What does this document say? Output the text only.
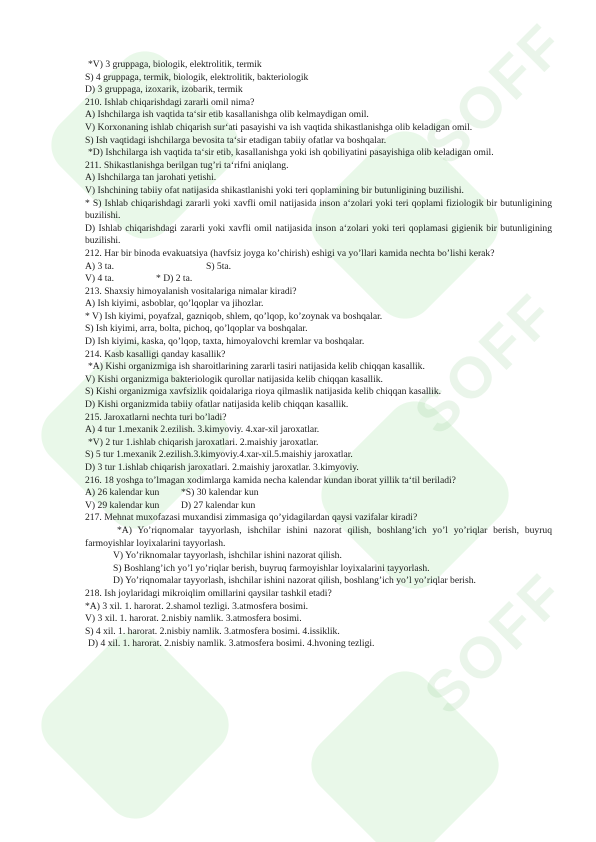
SOFF
SOFF
SOFF
*V) 3 gruppaga, biologik, elektrolitik, termik
S) 4 gruppaga, termik, biologik, elektrolitik, bakteriologik
D) 3 gruppaga, izoxarik, izobarik, termik
210. Ishlab chiqarishdagi zararli omil nima?
A) Ishchilarga ish vaqtida ta‘sir etib kasallanishga olib kelmaydigan omil.
V) Korxonaning ishlab chiqarish sur‘ati pasayishi va ish vaqtida shikastlanishga olib keladigan omil.
S) Ish vaqtidagi ishchilarga bevosita ta‘sir etadigan tabiiy ofatlar va boshqalar.
*D) Ishchilarga ish vaqtida ta‘sir etib, kasallanishga yoki ish qobiliyatini pasayishiga olib keladigan omil.
211. Shikastlanishga berilgan tug’ri ta‘rifni aniqlang.
A) Ishchilarga tan jarohati yetishi.
V) Ishchining tabiiy ofat natijasida shikastlanishi yoki teri qoplamining bir butunligining buzilishi.
* S) Ishlab chiqarishdagi zararli yoki xavfli omil natijasida inson a‘zolari yoki teri qoplami fiziologik bir butunligining buzilishi.
D) Ishlab chiqarishdagi zararli yoki xavfli omil natijasida inson a‘zolari yoki teri qoplamasi gigienik bir butunligining buzilishi.
212. Har bir binoda evakuatsiya (havfsiz joyga ko’chirish) eshigi va yo’llari kamida nechta bo’lishi kerak?
A) 3 ta.	S) 5ta.
V) 4 ta.	* D) 2 ta.
213. Shaxsiy himoyalanish vositalariga nimalar kiradi?
A) Ish kiyimi, asboblar, qo’lqoplar va jihozlar.
* V) Ish kiyimi, poyafzal, gazniqob, shlem, qo’lqop, ko’zoynak va boshqalar.
S) Ish kiyimi, arra, bolta, pichoq, qo’lqoplar va boshqalar.
D) Ish kiyimi, kaska, qo’lqop, taxta, himoyalovchi kremlar va boshqalar.
214. Kasb kasalligi qanday kasallik?
*A) Kishi organizmiga ish sharoitlarining zararli tasiri natijasida kelib chiqqan kasallik.
V) Kishi organizmiga bakteriologik qurollar natijasida kelib chiqqan kasallik.
S) Kishi organizmiga xavfsizlik qoidalariga rioya qilmaslik natijasida kelib chiqqan kasallik.
D) Kishi organizmida tabiiy ofatlar natijasida kelib chiqqan kasallik.
215. Jaroxatlarni nechta turi bo’ladi?
A) 4 tur 1.mexanik 2.ezilish. 3.kimyoviy. 4.xar-xil jaroxatlar.
*V) 2 tur 1.ishlab chiqarish jaroxatlari. 2.maishiy jaroxatlar.
S) 5 tur 1.mexanik 2.ezilish.3.kimyoviy.4.xar-xil.5.maishiy jaroxatlar.
D) 3 tur 1.ishlab chiqarish jaroxatlari. 2.maishiy jaroxatlar. 3.kimyoviy.
216. 18 yoshga to’lmagan xodimlarga kamida necha kalendar kundan iborat yillik ta‘til beriladi?
A) 26 kalendar kun *S) 30 kalendar kun
V) 29 kalendar kun D) 27 kalendar kun
217. Mehnat muxofazasi muxandisi zimmasiga qo’yidagilardan qaysi vazifalar kiradi?
*A) Yo’riqnomalar tayyorlash, ishchilar ishini nazorat qilish, boshlang’ich yo’l yo’riqlar berish, buyruq farmoyishlar loyixalarini tayyorlash.
V) Yo’riknomalar tayyorlash, ishchilar ishini nazorat qilish.
S) Boshlang’ich yo’l yo’riqlar berish, buyruq farmoyishlar loyixalarini tayyorlash.
D) Yo’riqnomalar tayyorlash, ishchilar ishini nazorat qilish, boshlang’ich yo’l yo’riqlar berish.
218. Ish joylaridagi mikroiqlim omillarini qaysilar tashkil etadi?
*A) 3 xil. 1. harorat. 2.shamol tezligi. 3.atmosfera bosimi.
V) 3 xil. 1. harorat. 2.nisbiy namlik. 3.atmosfera bosimi.
S) 4 xil. 1. harorat. 2.nisbiy namlik. 3.atmosfera bosimi. 4.issiklik.
D) 4 xil. 1. harorat. 2.nisbiy namlik. 3.atmosfera bosimi. 4.hvoning tezligi.
